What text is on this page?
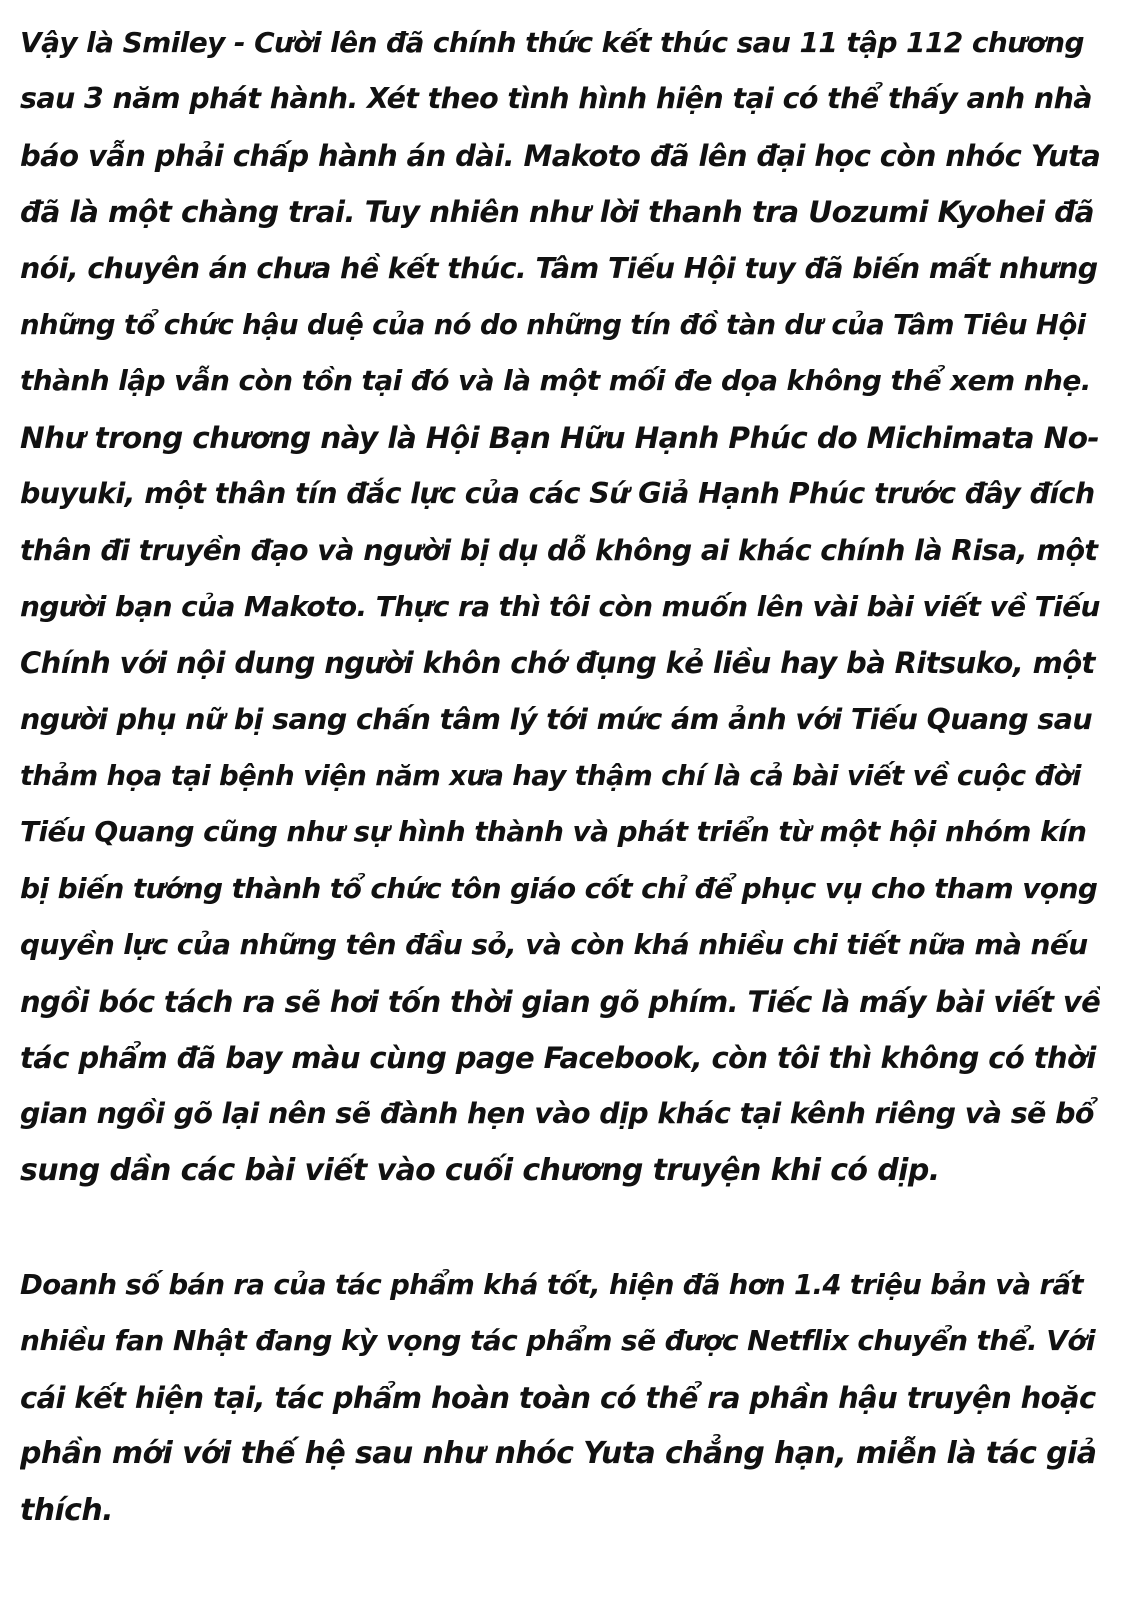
Vậy là Smiley - Cười lên đã chính thức kết thúc sau 11 tập 112 chương
sau 3 năm phát hành. Xét theo tình hình hiện tại có thể thấy anh nhà
báo vẫn phải chấp hành án dài. Makoto đã lên đại học còn nhóc Yuta
đã là một chàng trai. Tuy nhiên như lời thanh tra Uozumi Kyohei đã
nói, chuyên án chưa hề kết thúc. Tâm Tiếu Hội tuy đã biến mất nhưng
những tổ chức hậu duệ của nó do những tín đồ tàn dư của Tâm Tiêu Hội
thành lập vẫn còn tồn tại đó và là một mối đe dọa không thể xem nhẹ.
Như trong chương này là Hội Bạn Hữu Hạnh Phúc do Michimata No-
buyuki, một thân tín đắc lực của các Sứ Giả Hạnh Phúc trước đây đích
thân đi truyền đạo và người bị dụ dỗ không ai khác chính là Risa, một
người bạn của Makoto. Thực ra thì tôi còn muốn lên vài bài viết về Tiếu
Chính với nội dung người khôn chớ đụng kẻ liều hay bà Ritsuko, một
người phụ nữ bị sang chấn tâm lý tới mức ám ảnh với Tiếu Quang sau
thảm họa tại bệnh viện năm xưa hay thậm chí là cả bài viết về cuộc đời
Tiếu Quang cũng như sự hình thành và phát triển từ một hội nhóm kín
bị biến tướng thành tổ chức tôn giáo cốt chỉ để phục vụ cho tham vọng
quyền lực của những tên đầu sỏ, và còn khá nhiều chi tiết nữa mà nếu
ngồi bóc tách ra sẽ hơi tốn thời gian gõ phím. Tiếc là mấy bài viết về
tác phẩm đã bay màu cùng page Facebook, còn tôi thì không có thời
gian ngồi gõ lại nên sẽ đành hẹn vào dịp khác tại kênh riêng và sẽ bổ
sung dần các bài viết vào cuối chương truyện khi có dịp.
Doanh số bán ra của tác phẩm khá tốt, hiện đã hơn 1.4 triệu bản và rất
nhiều fan Nhật đang kỳ vọng tác phẩm sẽ được Netflix chuyển thể. Với
cái kết hiện tại, tác phẩm hoàn toàn có thể ra phần hậu truyện hoặc
phần mới với thế hệ sau như nhóc Yuta chẳng hạn, miễn là tác giả
thích.
